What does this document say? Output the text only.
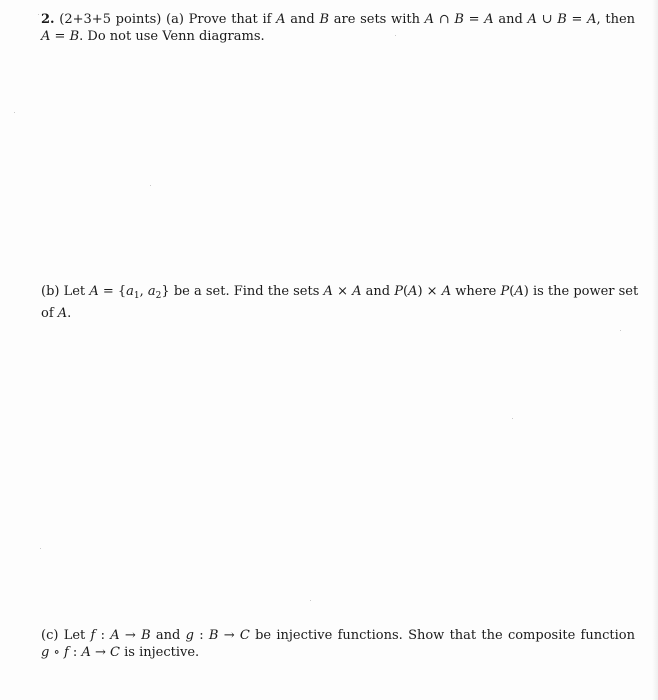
2. (2+3+5 points) (a) Prove that if A and B are sets with A ∩ B = A and A ∪ B = A, then
A = B. Do not use Venn diagrams.
(b) Let $A = \{a_1$, $a_2$} be a set. Find the sets A × A and P(A) × A where P(A) is the power set
of A.
(c) Let f : A → B and g : B → C be injective functions. Show that the composite function
g ∘ f : A → C is injective.
